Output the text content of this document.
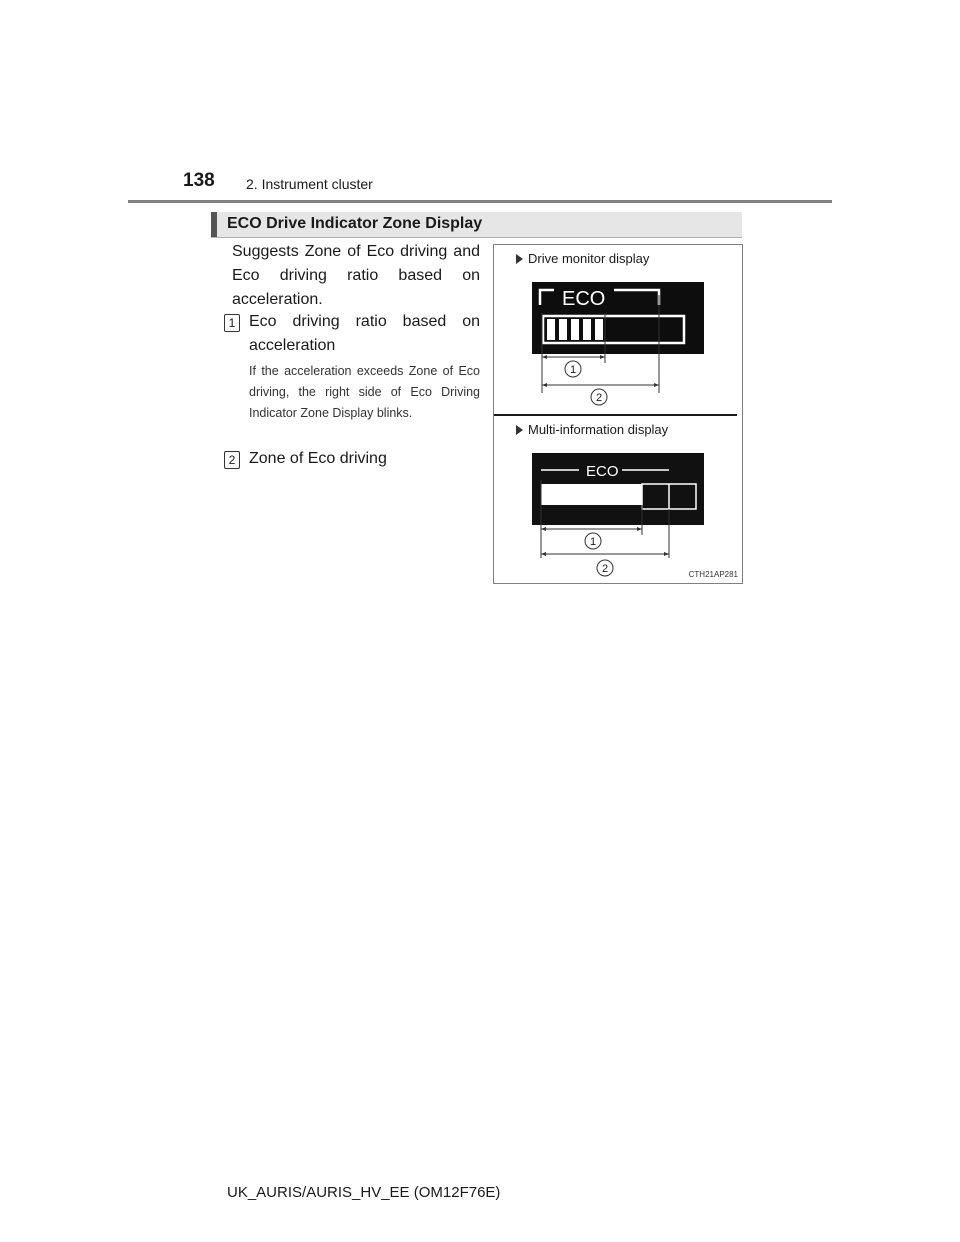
138 2. Instrument cluster
ECO Drive Indicator Zone Display
Suggests Zone of Eco driving and Eco driving ratio based on acceleration.
1 Eco driving ratio based on acceleration
If the acceleration exceeds Zone of Eco driving, the right side of Eco Driving Indicator Zone Display blinks.
2 Zone of Eco driving
ECO
1
2
ECO
1
2
Drive monitor display
Multi-information display
CTH21AP281
UK_AURIS/AURIS_HV_EE (OM12F76E)
